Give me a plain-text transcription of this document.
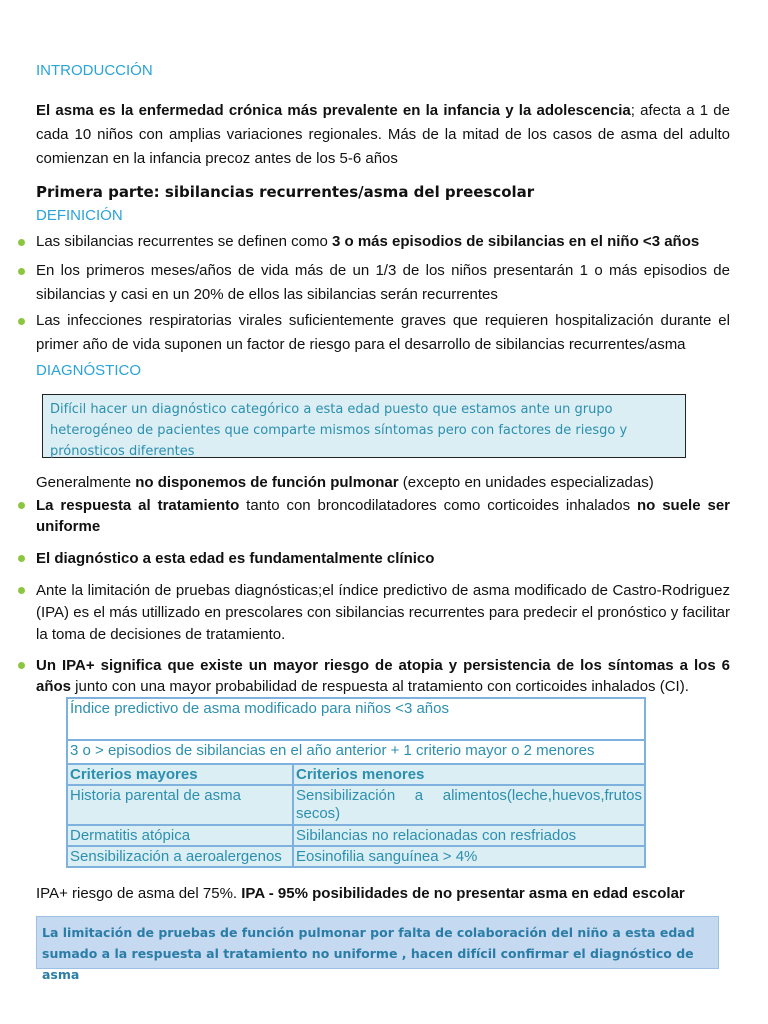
INTRODUCCIÓN
El asma es la enfermedad crónica más prevalente en la infancia y la adolescencia; afecta a 1 de cada 10 niños con amplias variaciones regionales. Más de la mitad de los casos de asma del adulto comienzan en la infancia precoz antes de los 5-6 años
Primera parte: sibilancias recurrentes/asma del preescolar
DEFINICIÓN
Las sibilancias recurrentes se definen como 3 o más episodios de sibilancias en el niño <3 años
En los primeros meses/años de vida más de un 1/3 de los niños presentarán 1 o más episodios de sibilancias y casi en un 20% de ellos las sibilancias serán recurrentes
Las infecciones respiratorias virales suficientemente graves que requieren hospitalización durante el primer año de vida suponen un factor de riesgo para el desarrollo de sibilancias recurrentes/asma
DIAGNÓSTICO
Difícil hacer un diagnóstico categórico a esta edad puesto que estamos ante un grupo heterogéneo de pacientes que comparte mismos síntomas pero con factores de riesgo y prónosticos diferentes
Generalmente no disponemos de función pulmonar (excepto en unidades especializadas)
La respuesta al tratamiento tanto con broncodilatadores como corticoides inhalados no suele ser uniforme
El diagnóstico a esta edad es fundamentalmente clínico
Ante la limitación de pruebas diagnósticas;el índice predictivo de asma modificado de Castro-Rodriguez (IPA) es el más utillizado en prescolares con sibilancias recurrentes para predecir el pronóstico y facilitar la toma de decisiones de tratamiento.
Un IPA+ significa que existe un mayor riesgo de atopia y persistencia de los síntomas a los 6 años junto con una mayor probabilidad de respuesta al tratamiento con corticoides inhalados (CI).
Índice predictivo de asma modificado para niños <3 años	
3 o > episodios de sibilancias en el año anterior + 1 criterio mayor o 2 menores	
Criterios mayores	Criterios menores
Historia parental de asma	Sensibilización a alimentos(leche,huevos,frutos secos)
Dermatitis atópica	Sibilancias no relacionadas con resfriados
Sensibilización a aeroalergenos	Eosinofilia sanguínea > 4%
IPA+ riesgo de asma del 75%. IPA - 95% posibilidades de no presentar asma en edad escolar
La limitación de pruebas de función pulmonar por falta de colaboración del niño a esta edad sumado a la respuesta al tratamiento no uniforme , hacen difícil confirmar el diagnóstico de asma
